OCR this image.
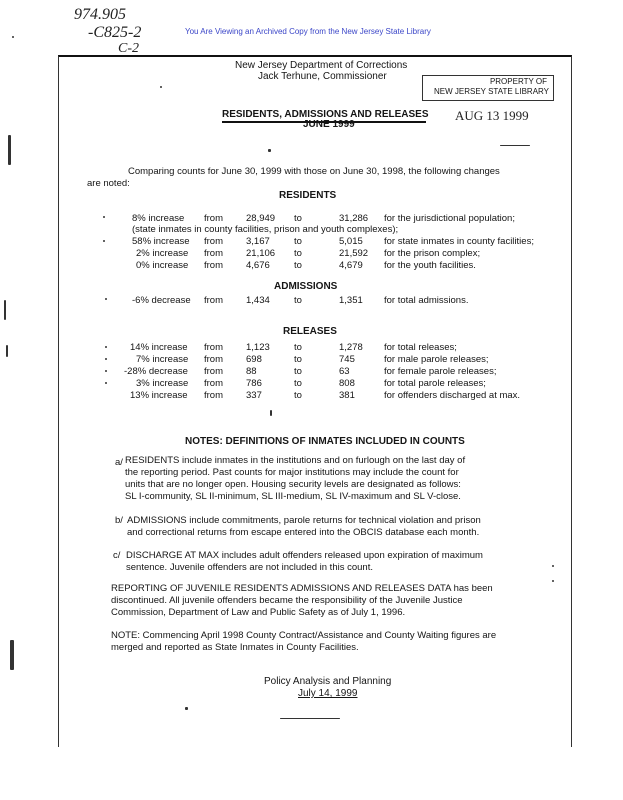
974.905
-C825-2
C-2
You Are Viewing an Archived Copy from the New Jersey State Library
New Jersey Department of Corrections
Jack Terhune, Commissioner	PROPERTY OF
NEW JERSEY STATE LIBRARY
AUG 13 1999
RESIDENTS, ADMISSIONS AND RELEASES
JUNE 1999
Comparing counts for June 30, 1999 with those on June 30, 1998, the following changes
are noted:
RESIDENTS
8% increase from 28,949 to	31,286 for the jurisdictional population;
(state inmates in county facilities, prison and youth complexes);
58% increase from 3,167	to	5,015 for state inmates in county facilities;
2% increase from 21,106 to	21,592 for the prison complex;
0% increase from 4,676	to	4,679 for the youth facilities.
ADMISSIONS
-6% decrease from 1,434	to	1,351 for total admissions.
RELEASES
14% increase from 1,123	to	1,278 for total releases;
7% increase from 698	to	745	for male parole releases;
-28% decrease from 88	to	63	for female parole releases;
3% increase from 786	to	808	for total parole releases;
13% increase from 337	to	381	for offenders discharged at max.
NOTES: DEFINITIONS OF INMATES INCLUDED IN COUNTS
a/ RESIDENTS include inmates in the institutions and on furlough on the last day of
the reporting period. Past counts for major institutions may include the count for
units that are no longer open. Housing security levels are designated as follows:
SL I-community, SL II-minimum, SL III-medium, SL IV-maximum and SL V-close.
b/ ADMISSIONS include commitments, parole returns for technical violation and prison
and correctional returns from escape entered into the OBCIS database each month.
c/ DISCHARGE AT MAX includes adult offenders released upon expiration of maximum
sentence. Juvenile offenders are not included in this count.
REPORTING OF JUVENILE RESIDENTS ADMISSIONS AND RELEASES DATA has been
discontinued. All juvenile offenders became the responsibility of the Juvenile Justice
Commission, Department of Law and Public Safety as of July 1, 1996.
NOTE: Commencing April 1998 County Contract/Assistance and County Waiting figures are
merged and reported as State Inmates in County Facilities.
Policy Analysis and Planning
July 14, 1999
